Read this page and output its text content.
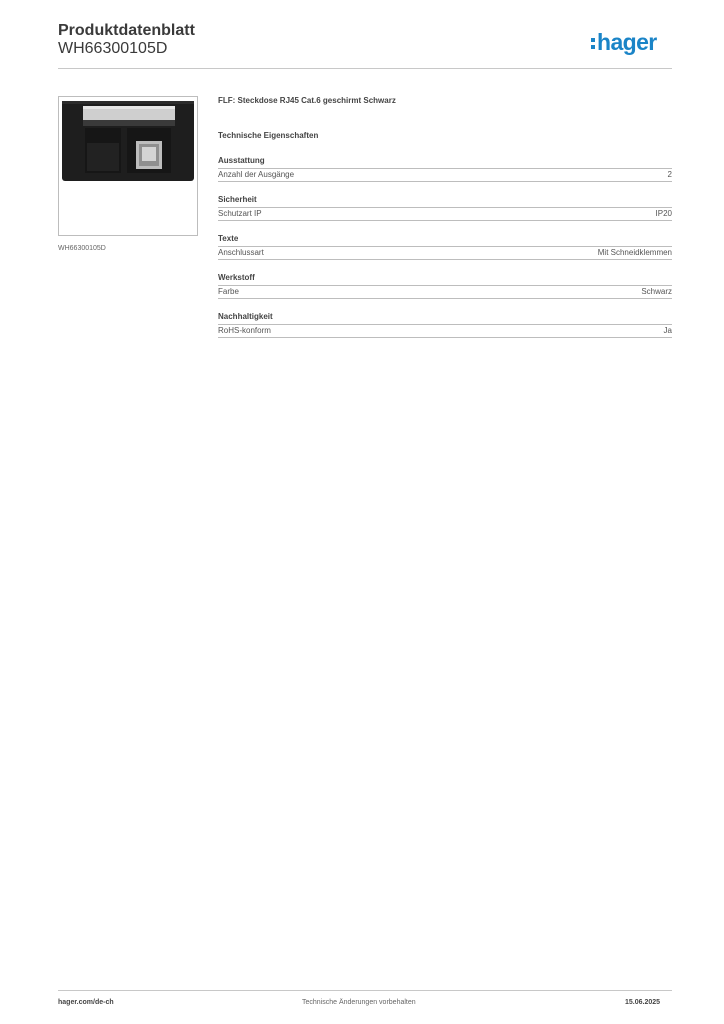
Produktdatenblatt
WH66300105D	hager
WH66300105D
FLF: Steckdose RJ45 Cat.6 geschirmt Schwarz
Technische Eigenschaften
Ausstattung
Anzahl der Ausgänge	2
Sicherheit
Schutzart IP	IP20
Texte
Anschlussart	Mit Schneidklemmen
Werkstoff
Farbe	Schwarz
Nachhaltigkeit
RoHS-konform	Ja
hager.com/de-ch	Technische Änderungen vorbehalten	15.06.2025
